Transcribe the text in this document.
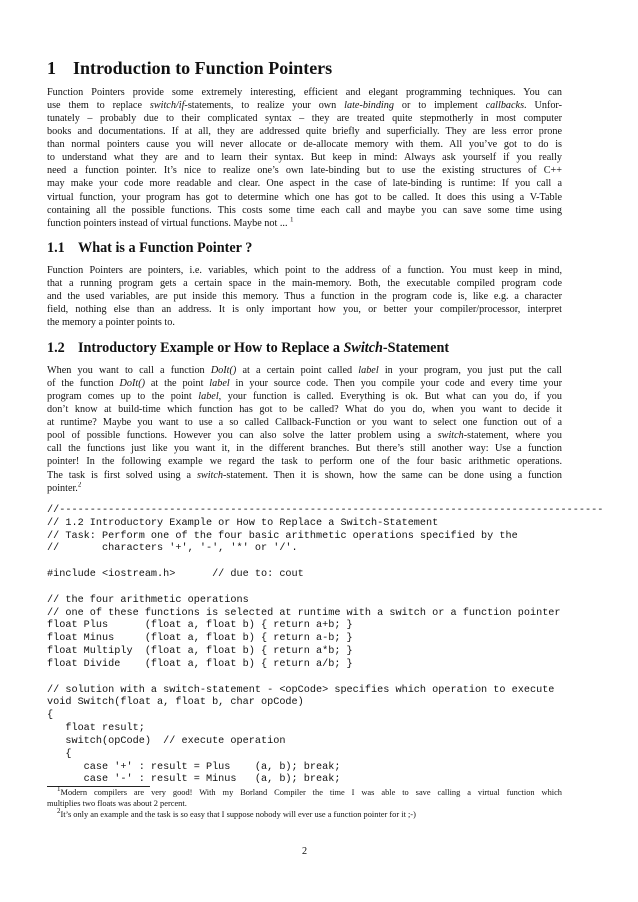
1 Introduction to Function Pointers
Function Pointers provide some extremely interesting, efficient and elegant programming techniques. You can
use them to replace switch/if-statements, to realize your own late-binding or to implement callbacks. Unfor-
tunately – probably due to their complicated syntax – they are treated quite stepmotherly in most computer
books and documentations. If at all, they are addressed quite briefly and superficially. They are less error prone
than normal pointers cause you will never allocate or de-allocate memory with them. All you’ve got to do is
to understand what they are and to learn their syntax. But keep in mind: Always ask yourself if you really
need a function pointer. It’s nice to realize one’s own late-binding but to use the existing structures of C++
may make your code more readable and clear. One aspect in the case of late-binding is runtime: If you call a
virtual function, your program has got to determine which one has got to be called. It does this using a V-Table
containing all the possible functions. This costs some time each call and maybe you can save some time using
function pointers instead of virtual functions. Maybe not ... $^1$
1.1 What is a Function Pointer ?
Function Pointers are pointers, i.e. variables, which point to the address of a function. You must keep in mind,
that a running program gets a certain space in the main-memory. Both, the executable compiled program code
and the used variables, are put inside this memory. Thus a function in the program code is, like e.g. a character
field, nothing else than an address. It is only important how you, or better your compiler/processor, interpret
the memory a pointer points to.
1.2 Introductory Example or How to Replace a Switch-Statement
When you want to call a function DoIt() at a certain point called label in your program, you just put the call
of the function DoIt() at the point label in your source code. Then you compile your code and every time your
program comes up to the point label, your function is called. Everything is ok. But what can you do, if you
don’t know at build-time which function has got to be called? What do you do, when you want to decide it
at runtime? Maybe you want to use a so called Callback-Function or you want to select one function out of a
pool of possible functions. However you can also solve the latter problem using a switch-statement, where you
call the functions just like you want it, in the different branches. But there’s still another way: Use a function
pointer! In the following example we regard the task to perform one of the four basic arithmetic operations.
The task is first solved using a switch-statement. Then it is shown, how the same can be done using a function
pointer.$^2$
//-----------------------------------------------------------------------------------------
// 1.2 Introductory Example or How to Replace a Switch-Statement
// Task: Perform one of the four basic arithmetic operations specified by the
//       characters '+', '-', '*' or '/'.
#include <iostream.h>      // due to: cout
// the four arithmetic operations
// one of these functions is selected at runtime with a switch or a function pointer
float Plus      (float a, float b) { return a+b; }
float Minus     (float a, float b) { return a-b; }
float Multiply  (float a, float b) { return a*b; }
float Divide    (float a, float b) { return a/b; }
// solution with a switch-statement - <opCode> specifies which operation to execute
void Switch(float a, float b, char opCode)
{
float result;
switch(opCode)  // execute operation
{
case '+' : result = Plus    (a, b); break;
case '-' : result = Minus   (a, b); break;
$^1$Modern compilers are very good! With my Borland Compiler the time I was able to save calling a virtual function which
multiplies two floats was about 2 percent.
$^2$It’s only an example and the task is so easy that I suppose nobody will ever use a function pointer for it ;-)
2
